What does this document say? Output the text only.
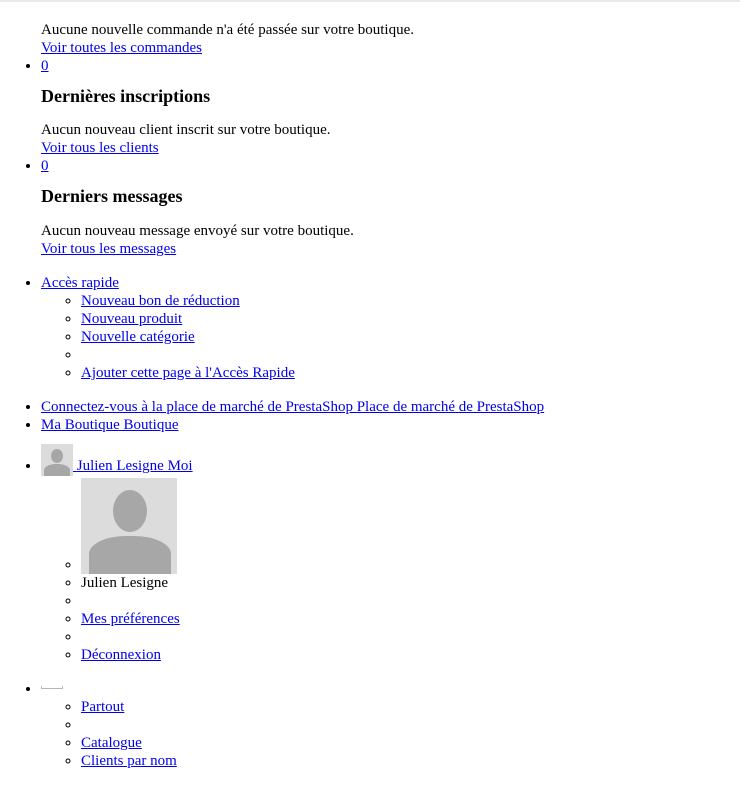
Aucune nouvelle commande n'a été passée sur votre boutique.
Voir toutes les commandes
• 0
Dernières inscriptions
Aucun nouveau client inscrit sur votre boutique.
Voir tous les clients
• 0
Derniers messages
Aucun nouveau message envoyé sur votre boutique.
Voir tous les messages
• Accès rapide
◦ Nouveau bon de réduction
◦ Nouveau produit
◦ Nouvelle catégorie
◦
◦ Ajouter cette page à l'Accès Rapide
• Connectez-vous à la place de marché de PrestaShop Place de marché de PrestaShop
• Ma Boutique Boutique
•
Julien Lesigne Moi
◦
◦ Julien Lesigne
◦
◦ Mes préférences
◦
◦ Déconnexion
◦ • Partout
◦
◦ Catalogue
◦ Clients par nom
